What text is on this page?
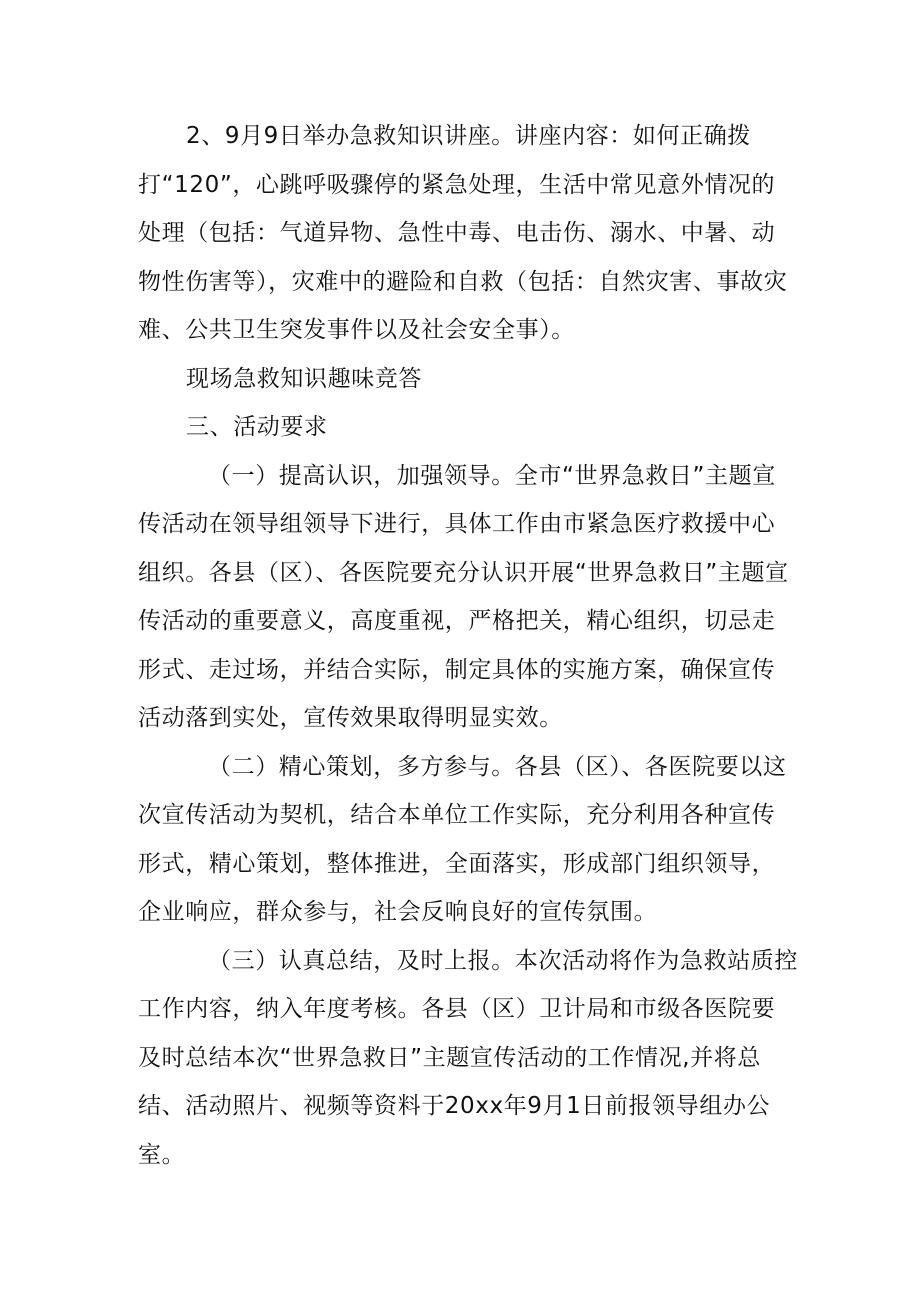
2、9月9日举办急救知识讲座。讲座内容：如何正确拨打“120”，心跳呼吸骤停的紧急处理，生活中常见意外情况的处理（包括：气道异物、急性中毒、电击伤、溺水、中暑、动物性伤害等），灾难中的避险和自救（包括：自然灾害、事故灾难、公共卫生突发事件以及社会安全事）。

现场急救知识趣味竞答

三、活动要求

（一）提高认识，加强领导。全市“世界急救日”主题宣传活动在领导组领导下进行，具体工作由市紧急医疗救援中心组织。各县（区）、各医院要充分认识开展“世界急救日”主题宣传活动的重要意义，高度重视，严格把关，精心组织，切忌走形式、走过场，并结合实际，制定具体的实施方案，确保宣传活动落到实处，宣传效果取得明显实效。

（二）精心策划，多方参与。各县（区）、各医院要以这次宣传活动为契机，结合本单位工作实际，充分利用各种宣传形式，精心策划，整体推进，全面落实，形成部门组织领导，企业响应，群众参与，社会反响良好的宣传氛围。

（三）认真总结，及时上报。本次活动将作为急救站质控工作内容，纳入年度考核。各县（区）卫计局和市级各医院要及时总结本次“世界急救日”主题宣传活动的工作情况,并将总结、活动照片、视频等资料于20xx年9月1日前报领导组办公室。
